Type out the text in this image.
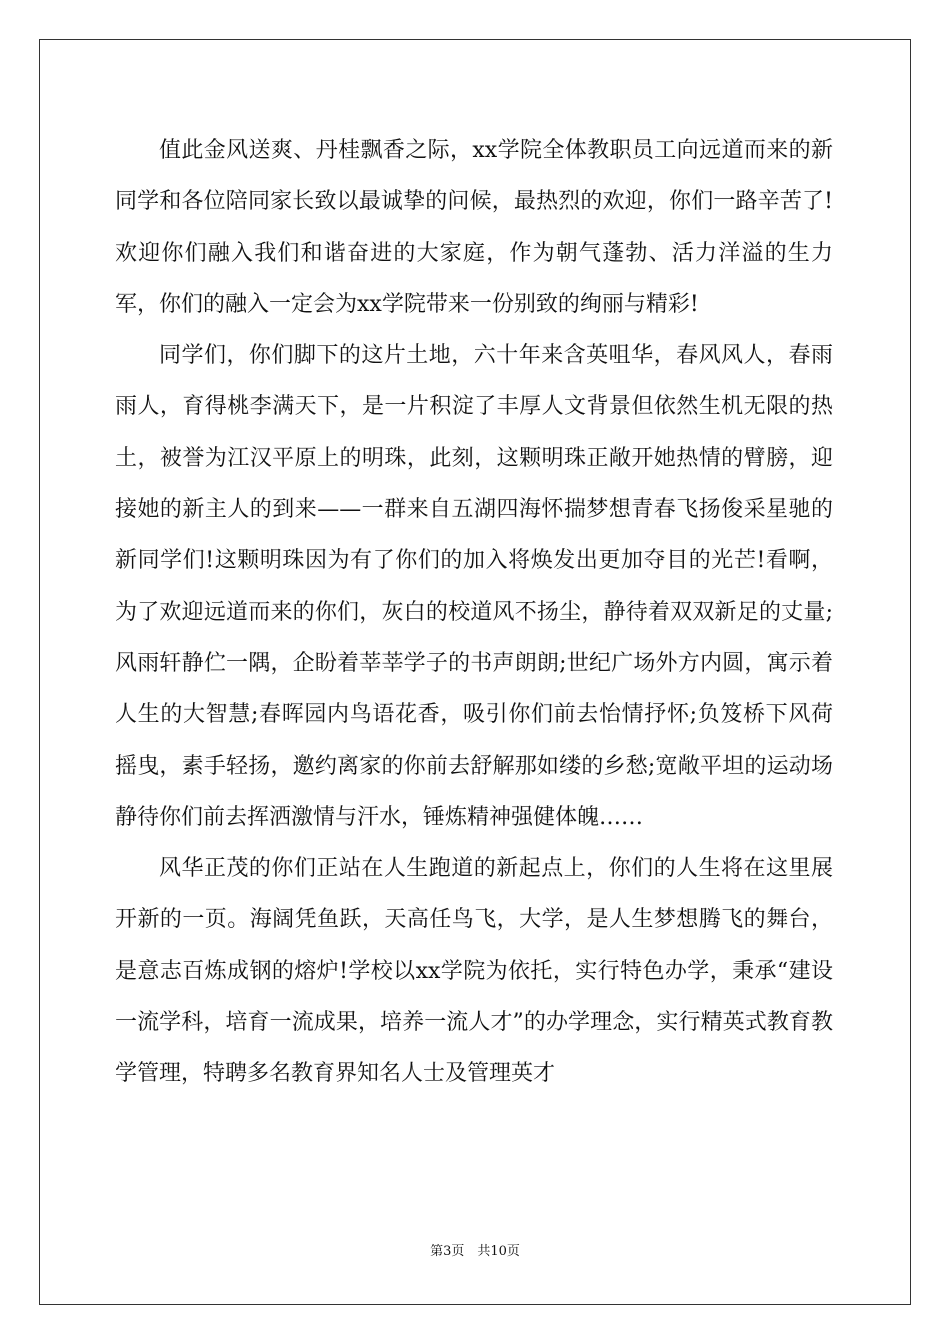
值此金风送爽、丹桂飘香之际，xx学院全体教职员工向远道而来的新同学和各位陪同家长致以最诚挚的问候，最热烈的欢迎，你们一路辛苦了!欢迎你们融入我们和谐奋进的大家庭，作为朝气蓬勃、活力洋溢的生力军，你们的融入一定会为xx学院带来一份别致的绚丽与精彩!

同学们，你们脚下的这片土地，六十年来含英咀华，春风风人，春雨雨人，育得桃李满天下，是一片积淀了丰厚人文背景但依然生机无限的热土，被誉为江汉平原上的明珠，此刻，这颗明珠正敞开她热情的臂膀，迎接她的新主人的到来——一群来自五湖四海怀揣梦想青春飞扬俊采星驰的新同学们!这颗明珠因为有了你们的加入将焕发出更加夺目的光芒!看啊，为了欢迎远道而来的你们，灰白的校道风不扬尘，静待着双双新足的丈量;风雨轩静伫一隅，企盼着莘莘学子的书声朗朗;世纪广场外方内圆，寓示着人生的大智慧;春晖园内鸟语花香，吸引你们前去怡情抒怀;负笈桥下风荷摇曳，素手轻扬，邀约离家的你前去舒解那如缕的乡愁;宽敞平坦的运动场静待你们前去挥洒激情与汗水，锤炼精神强健体魄……

风华正茂的你们正站在人生跑道的新起点上，你们的人生将在这里展开新的一页。海阔凭鱼跃，天高任鸟飞，大学，是人生梦想腾飞的舞台，是意志百炼成钢的熔炉!学校以xx学院为依托，实行特色办学，秉承“建设一流学科，培育一流成果，培养一流人才”的办学理念，实行精英式教育教学管理，特聘多名教育界知名人士及管理英才

第3页　共10页
